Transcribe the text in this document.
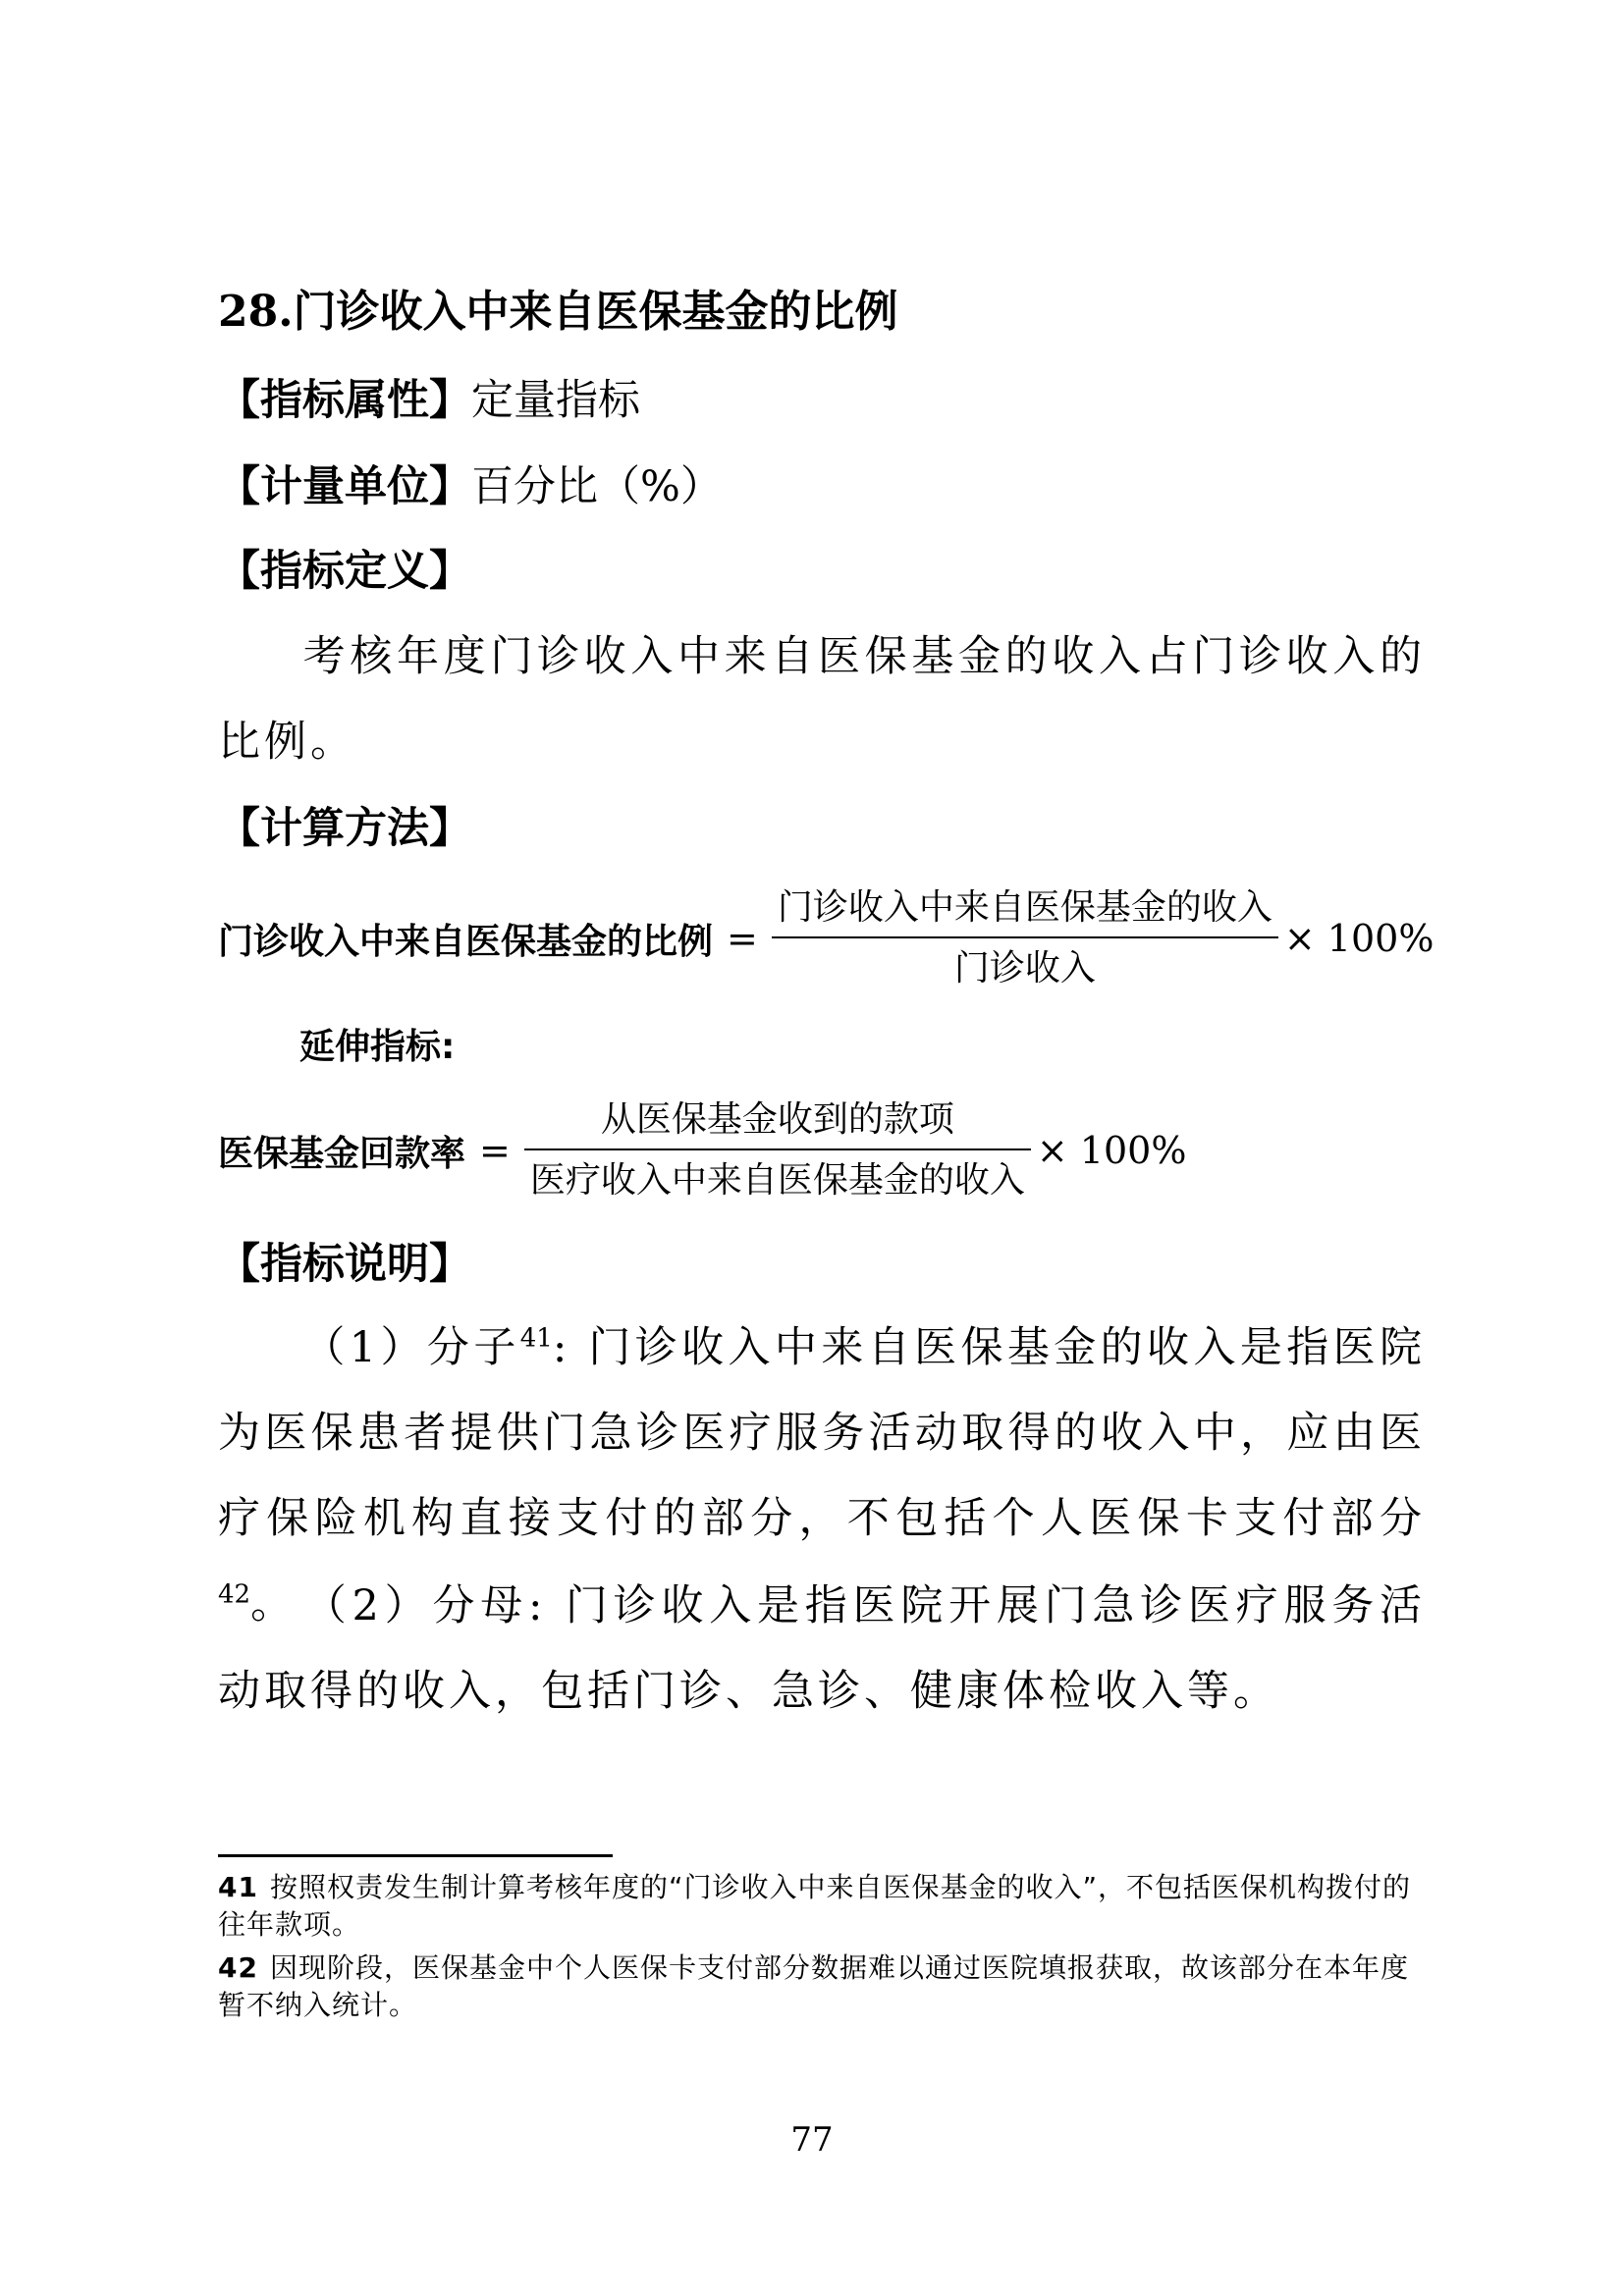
28.门诊收入中来自医保基金的比例
【指标属性】定量指标
【计量单位】百分比（%）
【指标定义】
考核年度门诊收入中来自医保基金的收入占门诊收入的比例。
【计算方法】
门诊收入中来自医保基金的比例 = $\frac{\text{门诊收入中来自医保基金的收入}}{\text{门诊收入}} \times 100\%$
延伸指标:
医保基金回款率 = $\frac{\text{从医保基金收到的款项}}{\text{医疗收入中来自医保基金的收入}} \times 100\%$
【指标说明】
（1）分子$^{41}$: 门诊收入中来自医保基金的收入是指医院为医保患者提供门急诊医疗服务活动取得的收入中，应由医疗保险机构直接支付的部分，不包括个人医保卡支付部分$^{42}$。 （2）分母: 门诊收入是指医院开展门急诊医疗服务活动取得的收入，包括门诊、急诊、健康体检收入等。
41 按照权责发生制计算考核年度的“门诊收入中来自医保基金的收入”，不包括医保机构拨付的往年款项。
42 因现阶段，医保基金中个人医保卡支付部分数据难以通过医院填报获取，故该部分在本年度暂不纳入统计。
77
